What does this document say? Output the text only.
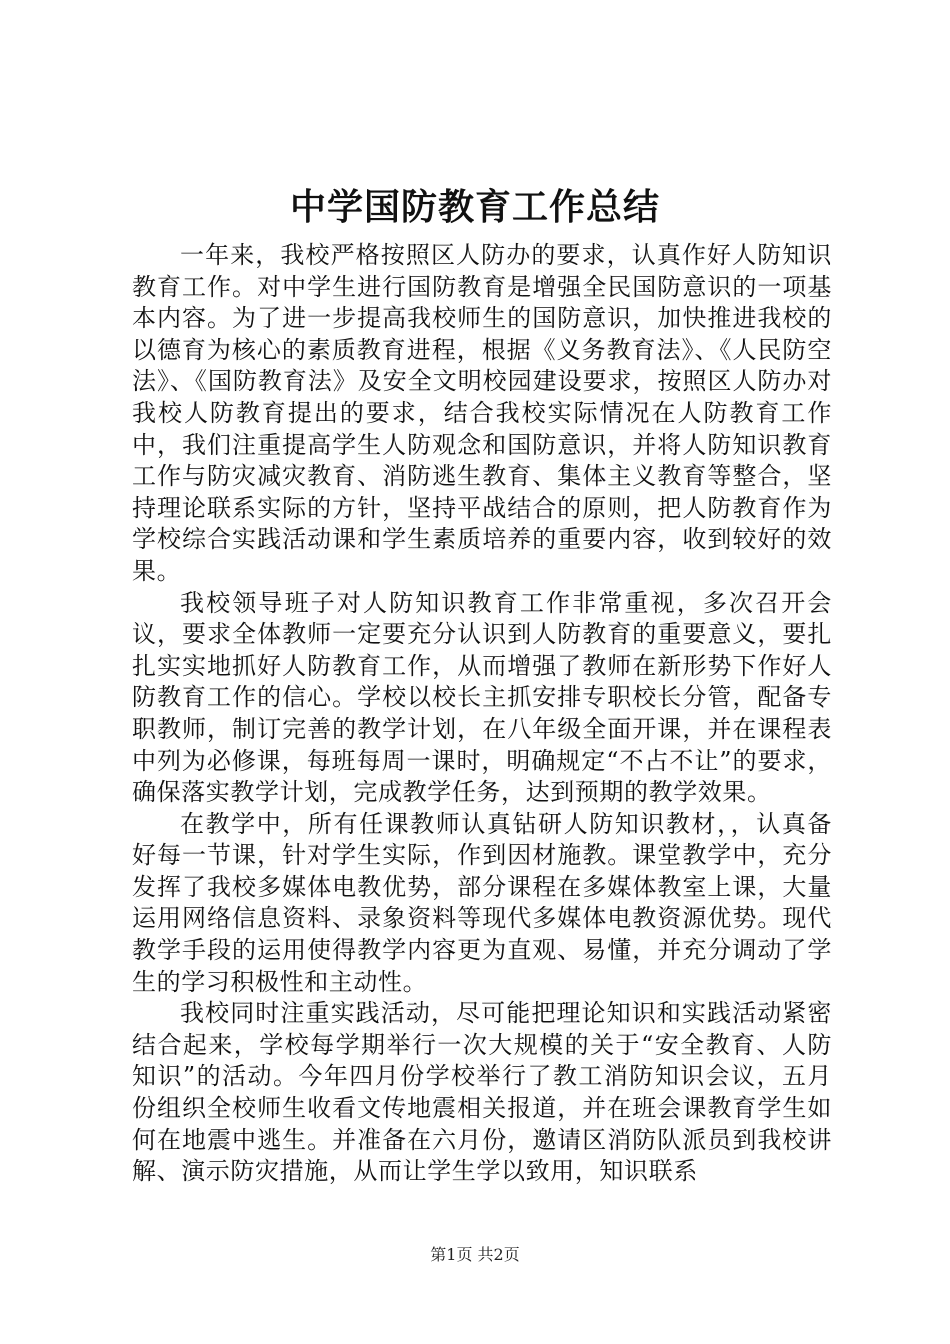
中学国防教育工作总结

一年来，我校严格按照区人防办的要求，认真作好人防知识教育工作。对中学生进行国防教育是增强全民国防意识的一项基本内容。为了进一步提高我校师生的国防意识，加快推进我校的以德育为核心的素质教育进程，根据《义务教育法》、《人民防空法》、《国防教育法》及安全文明校园建设要求，按照区人防办对我校人防教育提出的要求，结合我校实际情况在人防教育工作中，我们注重提高学生人防观念和国防意识，并将人防知识教育工作与防灾减灾教育、消防逃生教育、集体主义教育等整合，坚持理论联系实际的方针，坚持平战结合的原则，把人防教育作为学校综合实践活动课和学生素质培养的重要内容，收到较好的效果。

我校领导班子对人防知识教育工作非常重视，多次召开会议，要求全体教师一定要充分认识到人防教育的重要意义，要扎扎实实地抓好人防教育工作，从而增强了教师在新形势下作好人防教育工作的信心。学校以校长主抓安排专职校长分管，配备专职教师，制订完善的教学计划，在八年级全面开课，并在课程表中列为必修课，每班每周一课时，明确规定“不占不让”的要求，确保落实教学计划，完成教学任务，达到预期的教学效果。

在教学中，所有任课教师认真钻研人防知识教材，，认真备好每一节课，针对学生实际，作到因材施教。课堂教学中，充分发挥了我校多媒体电教优势，部分课程在多媒体教室上课，大量运用网络信息资料、录象资料等现代多媒体电教资源优势。现代教学手段的运用使得教学内容更为直观、易懂，并充分调动了学生的学习积极性和主动性。

我校同时注重实践活动，尽可能把理论知识和实践活动紧密结合起来，学校每学期举行一次大规模的关于“安全教育、人防知识”的活动。今年四月份学校举行了教工消防知识会议，五月份组织全校师生收看文传地震相关报道，并在班会课教育学生如何在地震中逃生。并准备在六月份，邀请区消防队派员到我校讲解、演示防灾措施，从而让学生学以致用，知识联系

第1页 共2页
